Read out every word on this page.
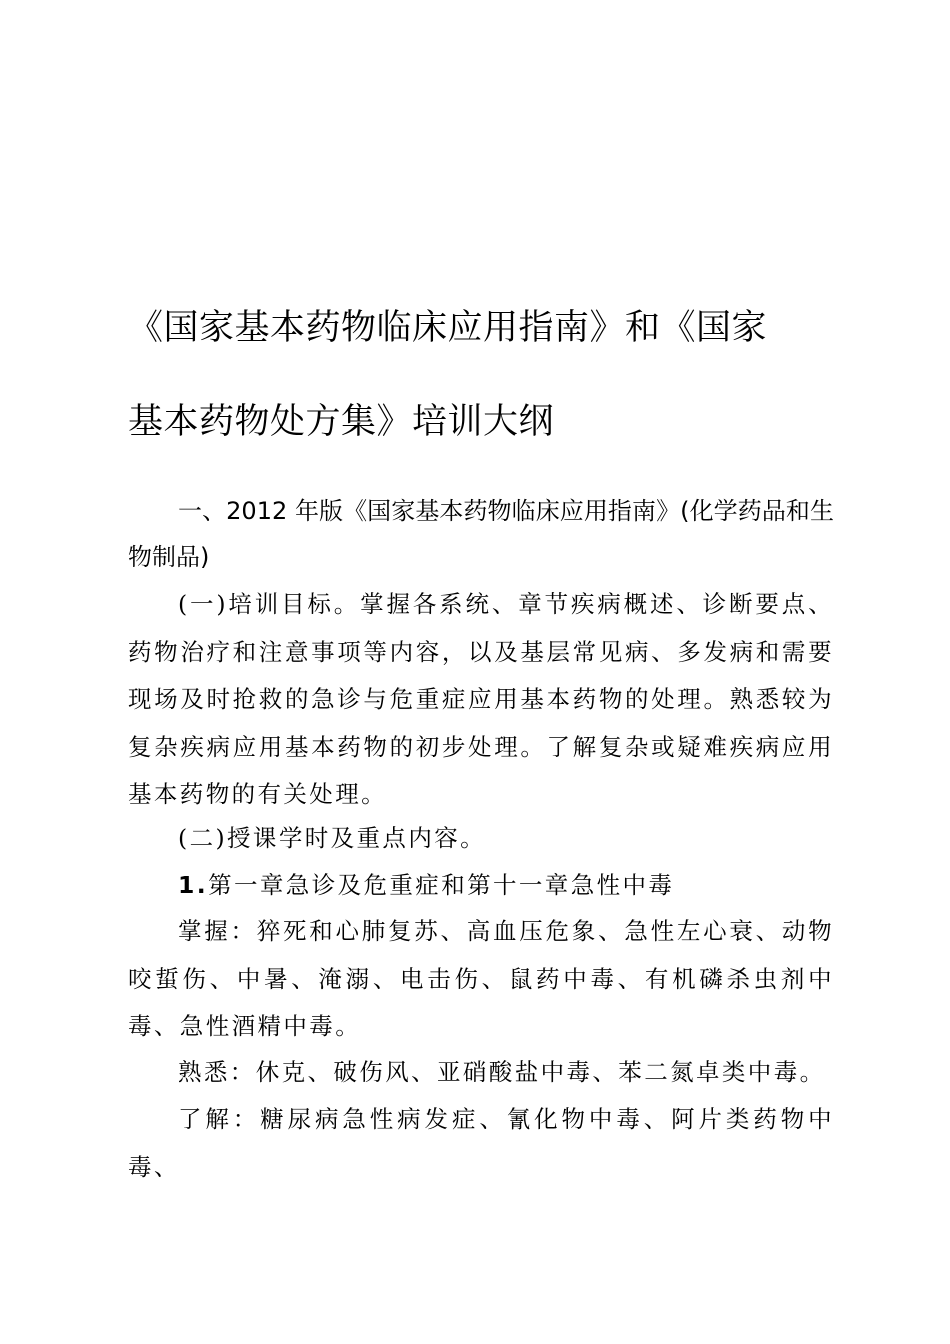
《国家基本药物临床应用指南》和《国家
基本药物处方集》培训大纲
一、2012 年版《国家基本药物临床应用指南》(化学药品和生物制品)
(一)培训目标。掌握各系统、章节疾病概述、诊断要点、药物治疗和注意事项等内容，以及基层常见病、多发病和需要现场及时抢救的急诊与危重症应用基本药物的处理。熟悉较为复杂疾病应用基本药物的初步处理。了解复杂或疑难疾病应用基本药物的有关处理。
(二)授课学时及重点内容。
1.第一章急诊及危重症和第十一章急性中毒
掌握：猝死和心肺复苏、高血压危象、急性左心衰、动物咬蜇伤、中暑、淹溺、电击伤、鼠药中毒、有机磷杀虫剂中毒、急性酒精中毒。
熟悉：休克、破伤风、亚硝酸盐中毒、苯二氮卓类中毒。
了解：糖尿病急性病发症、氰化物中毒、阿片类药物中毒、
